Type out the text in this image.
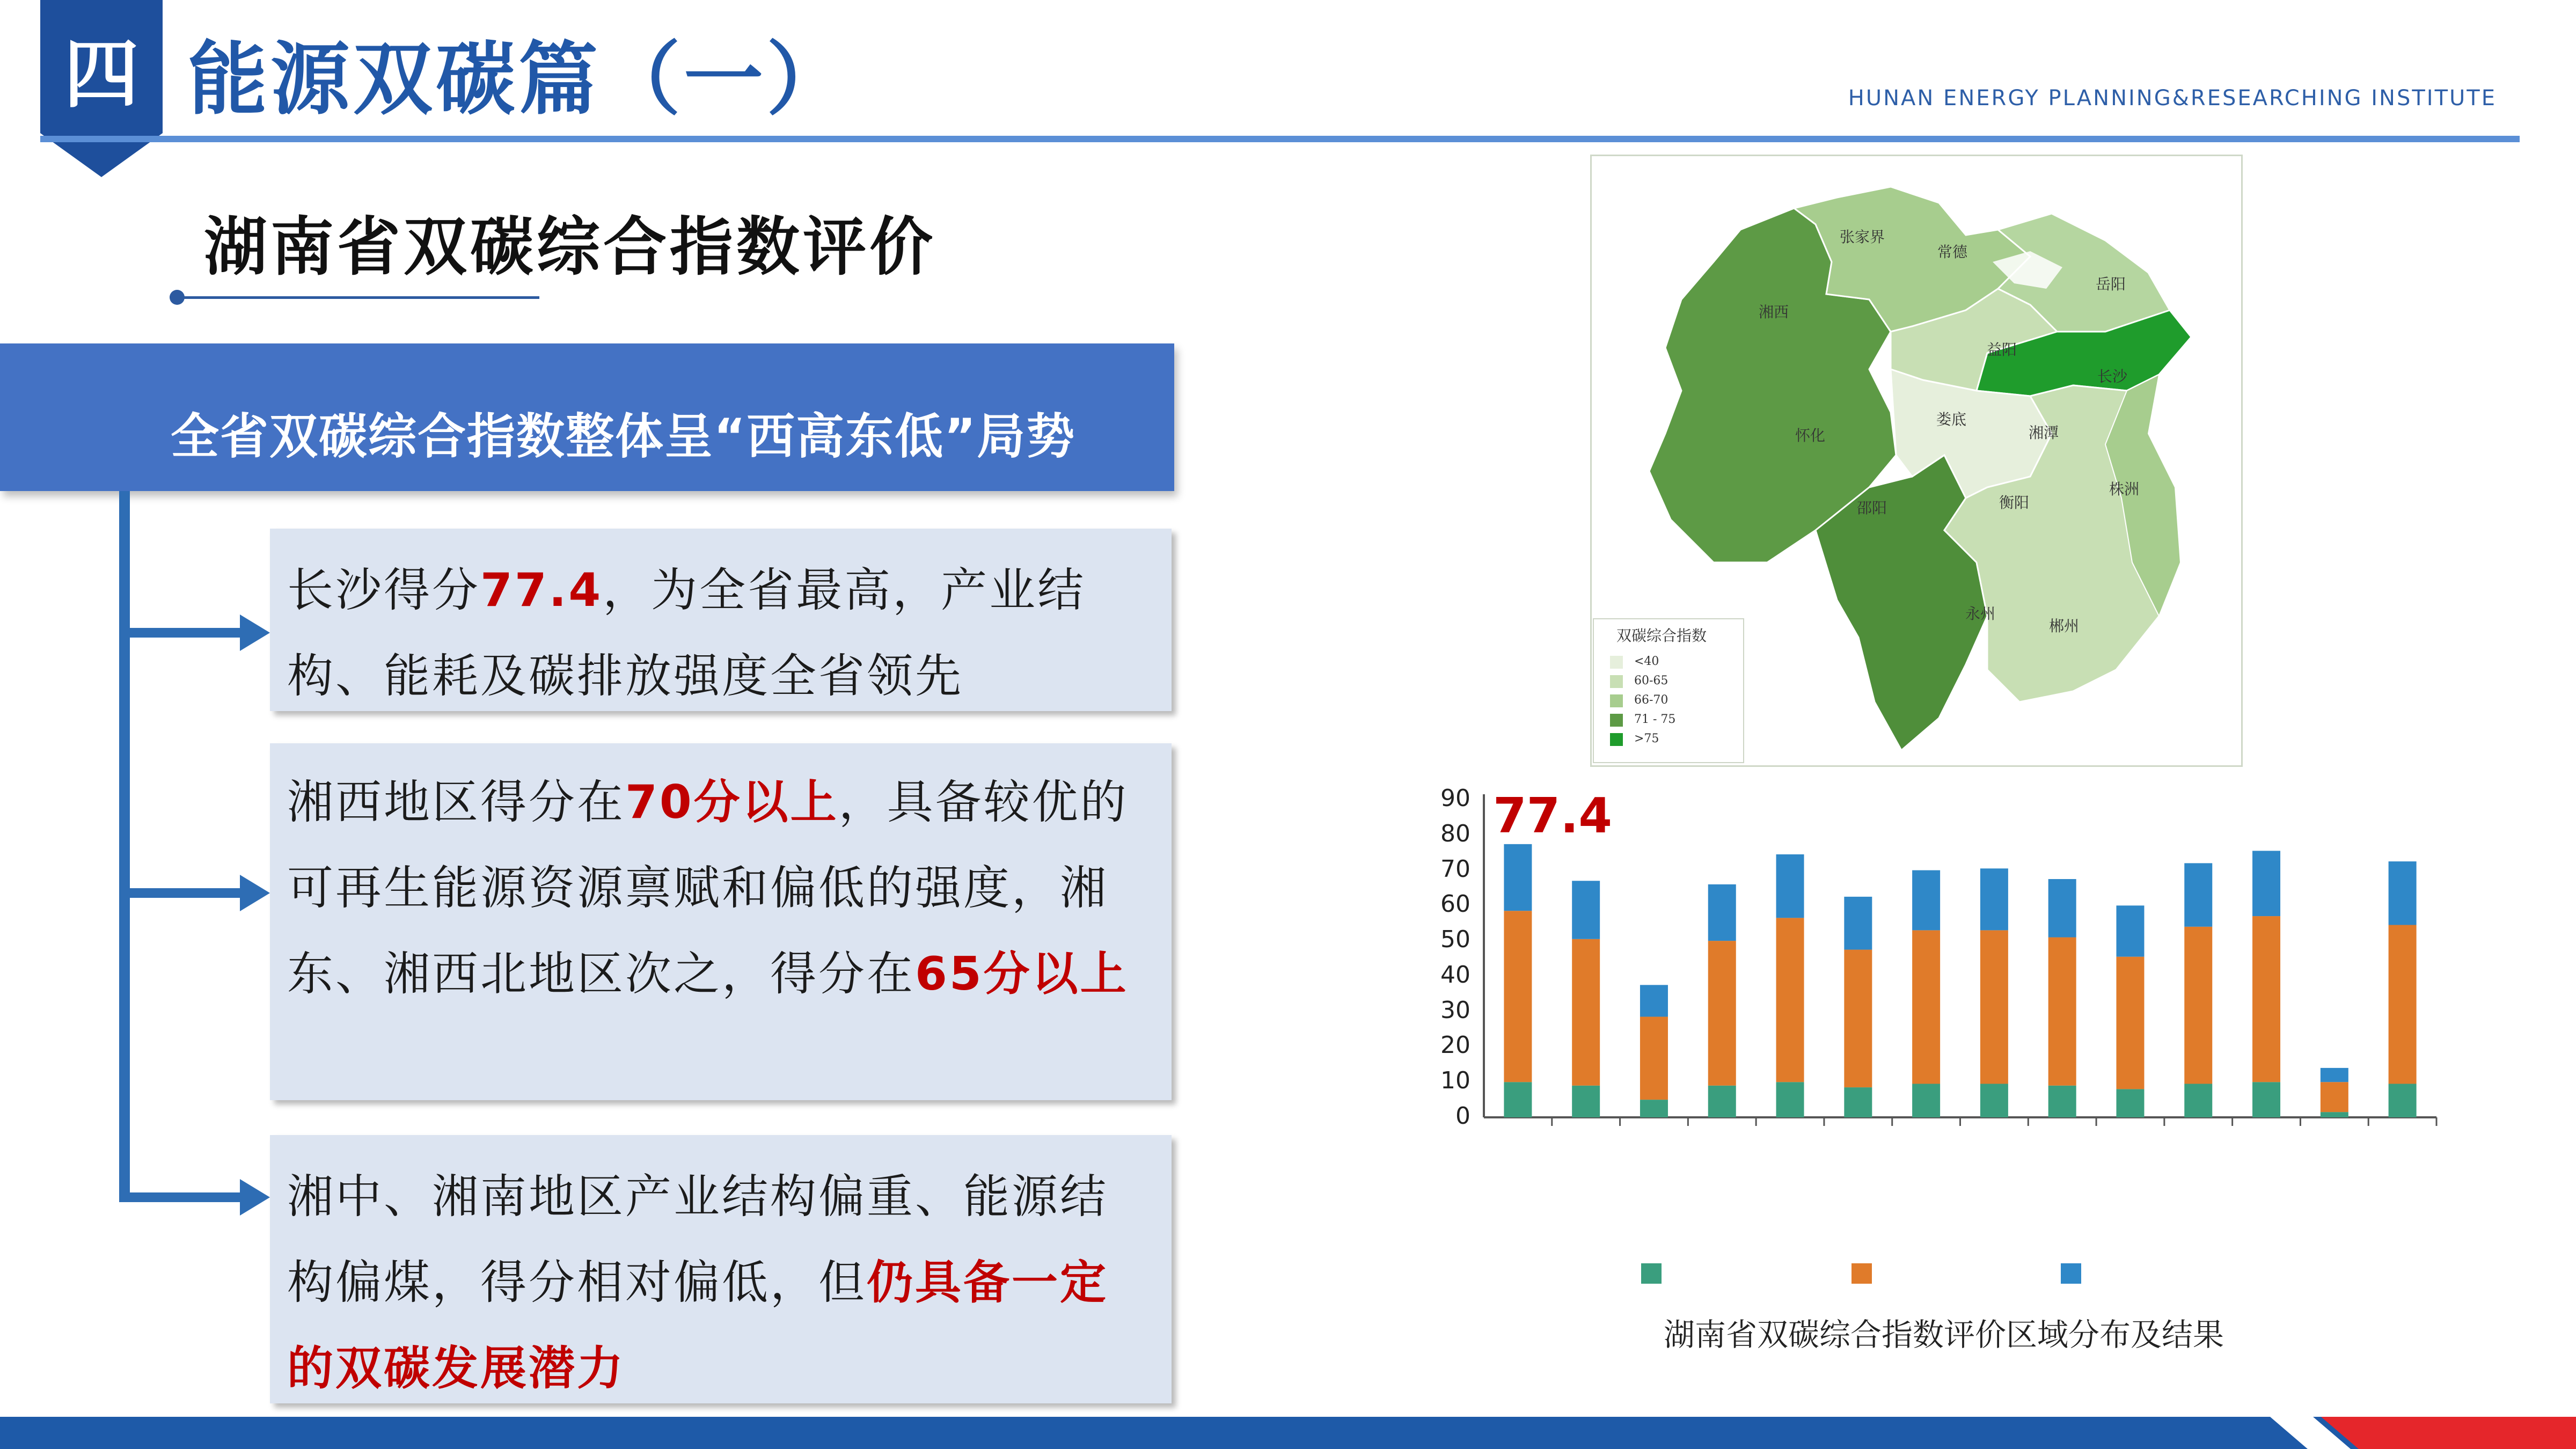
四 能源双碳篇（一）	HUNAN ENERGY PLANNING&RESEARCHING INSTITUTE
湖南省双碳综合指数评价
全省双碳综合指数整体呈“西高东低”局势
长沙得分77.4，为全省最高，产业结构、能耗及碳排放强度全省领先
湘西地区得分在70分以上，具备较优的可再生能源资源禀赋和偏低的强度，湘东、湘西北地区次之，得分在65分以上
湘中、湘南地区产业结构偏重、能源结构偏煤，得分相对偏低，但仍具备一定的双碳发展潜力
张家界
常德
岳阳
湘西
益阳
长沙
娄底
湘潭
怀化
邵阳	衡阳
株洲
永州
郴州
双碳综合指数
<40
60-65
66-70
71 - 75
>75
0
10
20
30
40
50
60
70
80
90 77.4
湖南省双碳综合指数评价区域分布及结果
